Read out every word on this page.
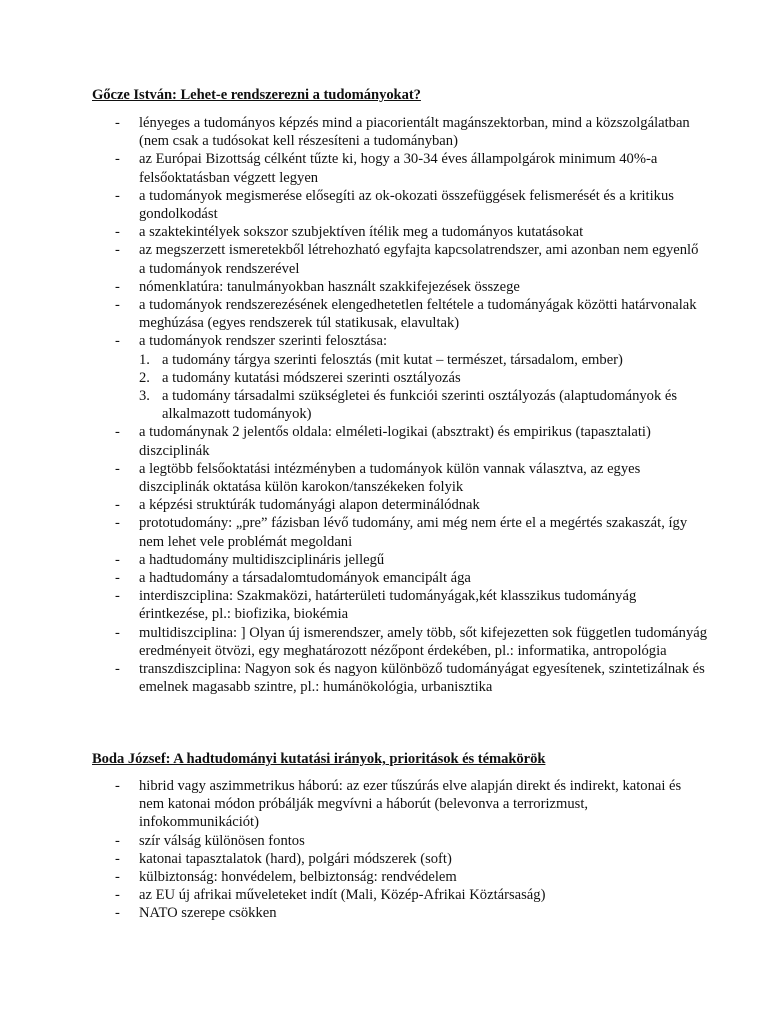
Gőcze István: Lehet-e rendszerezni a tudományokat?
- lényeges a tudományos képzés mind a piacorientált magánszektorban, mind a közszolgálatban (nem csak a tudósokat kell részesíteni a tudományban)
- az Európai Bizottság célként tűzte ki, hogy a 30-34 éves állampolgárok minimum 40%-a felsőoktatásban végzett legyen
- a tudományok megismerése elősegíti az ok-okozati összefüggések felismerését és a kritikus gondolkodást
- a szaktekintélyek sokszor szubjektíven ítélik meg a tudományos kutatásokat
- az megszerzett ismeretekből létrehozható egyfajta kapcsolatrendszer, ami azonban nem egyenlő a tudományok rendszerével
- nómenklatúra: tanulmányokban használt szakkifejezések összege
- a tudományok rendszerezésének elengedhetetlen feltétele a tudományágak közötti határvonalak meghúzása (egyes rendszerek túl statikusak, elavultak)
- a tudományok rendszer szerinti felosztása:
1. a tudomány tárgya szerinti felosztás (mit kutat – természet, társadalom, ember)
2. a tudomány kutatási módszerei szerinti osztályozás
3. a tudomány társadalmi szükségletei és funkciói szerinti osztályozás (alaptudományok és alkalmazott tudományok)
- a tudománynak 2 jelentős oldala: elméleti-logikai (absztrakt) és empirikus (tapasztalati) diszciplinák
- a legtöbb felsőoktatási intézményben a tudományok külön vannak választva, az egyes diszciplinák oktatása külön karokon/tanszékeken folyik
- a képzési struktúrák tudományági alapon determinálódnak
- prototudomány: „pre” fázisban lévő tudomány, ami még nem érte el a megértés szakaszát, így nem lehet vele problémát megoldani
- a hadtudomány multidiszciplináris jellegű
- a hadtudomány a társadalomtudományok emancipált ága
- interdiszciplina: Szakmaközi, határterületi tudományágak,két klasszikus tudományág érintkezése, pl.: biofizika, biokémia
- multidiszciplina: ] Olyan új ismerendszer, amely több, sőt kifejezetten sok független tudományág eredményeit ötvözi, egy meghatározott nézőpont érdekében, pl.: informatika, antropológia
- transzdiszciplina: Nagyon sok és nagyon különböző tudományágat egyesítenek, szintetizálnak és emelnek magasabb szintre, pl.: humánökológia, urbanisztika
Boda József: A hadtudományi kutatási irányok, prioritások és témakörök
- hibrid vagy aszimmetrikus háború: az ezer tűszúrás elve alapján direkt és indirekt, katonai és nem katonai módon próbálják megvívni a háborút (belevonva a terrorizmust, infokommunikációt)
- szír válság különösen fontos
- katonai tapasztalatok (hard), polgári módszerek (soft)
- külbiztonság: honvédelem, belbiztonság: rendvédelem
- az EU új afrikai műveleteket indít (Mali, Közép-Afrikai Köztársaság)
- NATO szerepe csökken
